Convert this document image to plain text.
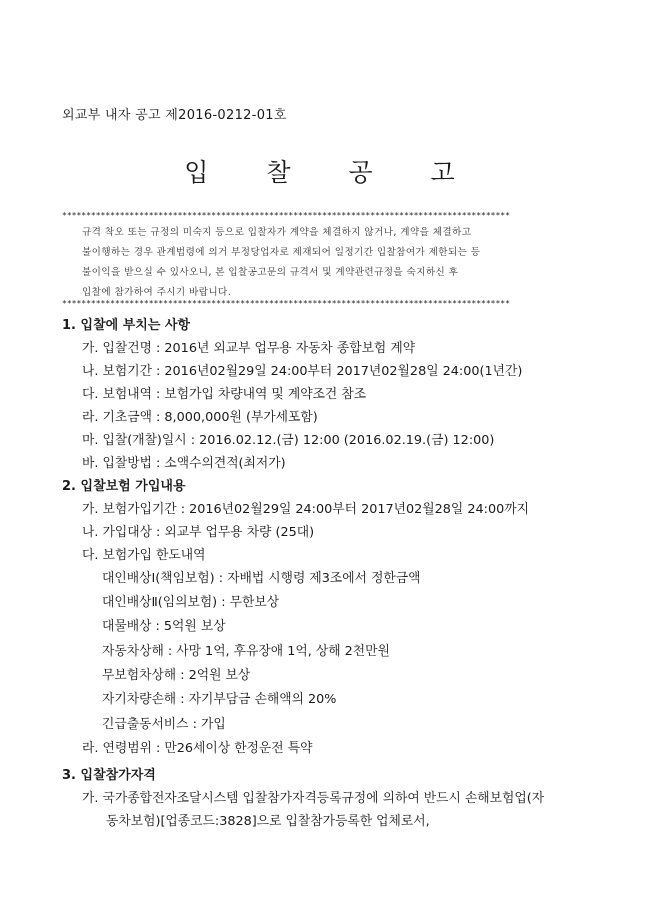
외교부 내자 공고 제2016-0212-01호
입 찰 공 고
*********************************************************************************************
규격 착오 또는 규정의 미숙지 등으로 입찰자가 계약을 체결하지 않거나, 계약을 체결하고
불이행하는 경우 관계법령에 의거 부정당업자로 제재되어 일정기간 입찰참여가 제한되는 등
불이익을 받으실 수 있사오니, 본 입찰공고문의 규격서 및 계약관련규정을 숙지하신 후
입찰에 참가하여 주시기 바랍니다.
*********************************************************************************************
1. 입찰에 부치는 사항
가. 입찰건명 : 2016년 외교부 업무용 자동차 종합보험 계약
나. 보험기간 : 2016년02월29일 24:00부터 2017년02월28일 24:00(1년간)
다. 보험내역 : 보험가입 차량내역 및 계약조건 참조
라. 기초금액 : 8,000,000원 (부가세포함)
마. 입찰(개찰)일시 : 2016.02.12.(금) 12:00 (2016.02.19.(금) 12:00)
바. 입찰방법 : 소액수의견적(최저가)
2. 입찰보험 가입내용
가. 보험가입기간 : 2016년02월29일 24:00부터 2017년02월28일 24:00까지
나. 가입대상 : 외교부 업무용 차량 (25대)
다. 보험가입 한도내역
대인배상Ⅰ(책임보험) : 자배법 시행령 제3조에서 정한금액
대인배상Ⅱ(임의보험) : 무한보상
대물배상 : 5억원 보상
자동차상해 : 사망 1억, 후유장애 1억, 상해 2천만원
무보험차상해 : 2억원 보상
자기차량손해 : 자기부담금 손해액의 20%
긴급출동서비스 : 가입
라. 연령범위 : 만26세이상 한정운전 특약
3. 입찰참가자격
가. 국가종합전자조달시스템 입찰참가자격등록규정에 의하여 반드시 손해보험업(자
동차보험)[업종코드:3828]으로 입찰참가등록한 업체로서,
